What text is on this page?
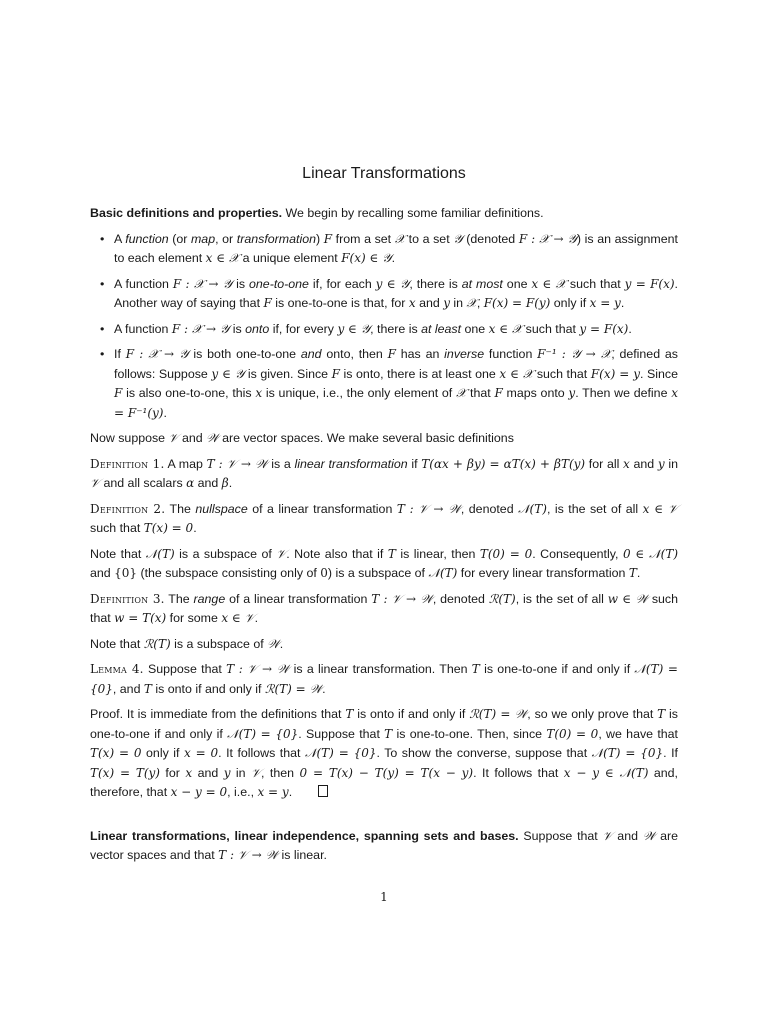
Linear Transformations

Basic definitions and properties. We begin by recalling some familiar definitions.

• A function (or map, or transformation) F from a set 𝒳 to a set 𝒴 (denoted F : 𝒳 → 𝒴) is an assignment to each element x ∈ 𝒳 a unique element F(x) ∈ 𝒴.
• A function F : 𝒳 → 𝒴 is one-to-one if, for each y ∈ 𝒴, there is at most one x ∈ 𝒳 such that y = F(x). Another way of saying that F is one-to-one is that, for x and y in 𝒳, F(x) = F(y) only if x = y.
• A function F : 𝒳 → 𝒴 is onto if, for every y ∈ 𝒴, there is at least one x ∈ 𝒳 such that y = F(x).
• If F : 𝒳 → 𝒴 is both one-to-one and onto, then F has an inverse function F⁻¹ : 𝒴 → 𝒳, defined as follows: Suppose y ∈ 𝒴 is given. Since F is onto, there is at least one x ∈ 𝒳 such that F(x) = y. Since F is also one-to-one, this x is unique, i.e., the only element of 𝒳 that F maps onto y. Then we define x = F⁻¹(y).

Now suppose 𝒱 and 𝒲 are vector spaces. We make several basic definitions

Definition 1. A map T : 𝒱 → 𝒲 is a linear transformation if T(αx + βy) = αT(x) + βT(y) for all x and y in 𝒱 and all scalars α and β.

Definition 2. The nullspace of a linear transformation T : 𝒱 → 𝒲, denoted 𝒩(T), is the set of all x ∈ 𝒱 such that T(x) = 0.

Note that 𝒩(T) is a subspace of 𝒱. Note also that if T is linear, then T(0) = 0. Consequently, 0 ∈ 𝒩(T) and {0} (the subspace consisting only of 0) is a subspace of 𝒩(T) for every linear transformation T.

Definition 3. The range of a linear transformation T : 𝒱 → 𝒲, denoted ℛ(T), is the set of all w ∈ 𝒲 such that w = T(x) for some x ∈ 𝒱.

Note that ℛ(T) is a subspace of 𝒲.

Lemma 4. Suppose that T : 𝒱 → 𝒲 is a linear transformation. Then T is one-to-one if and only if 𝒩(T) = {0}, and T is onto if and only if ℛ(T) = 𝒲.

Proof. It is immediate from the definitions that T is onto if and only if ℛ(T) = 𝒲, so we only prove that T is one-to-one if and only if 𝒩(T) = {0}. Suppose that T is one-to-one. Then, since T(0) = 0, we have that T(x) = 0 only if x = 0. It follows that 𝒩(T) = {0}. To show the converse, suppose that 𝒩(T) = {0}. If T(x) = T(y) for x and y in 𝒱, then 0 = T(x) − T(y) = T(x − y). It follows that x − y ∈ 𝒩(T) and, therefore, that x − y = 0, i.e., x = y.

Linear transformations, linear independence, spanning sets and bases. Suppose that 𝒱 and 𝒲 are vector spaces and that T : 𝒱 → 𝒲 is linear.

1
